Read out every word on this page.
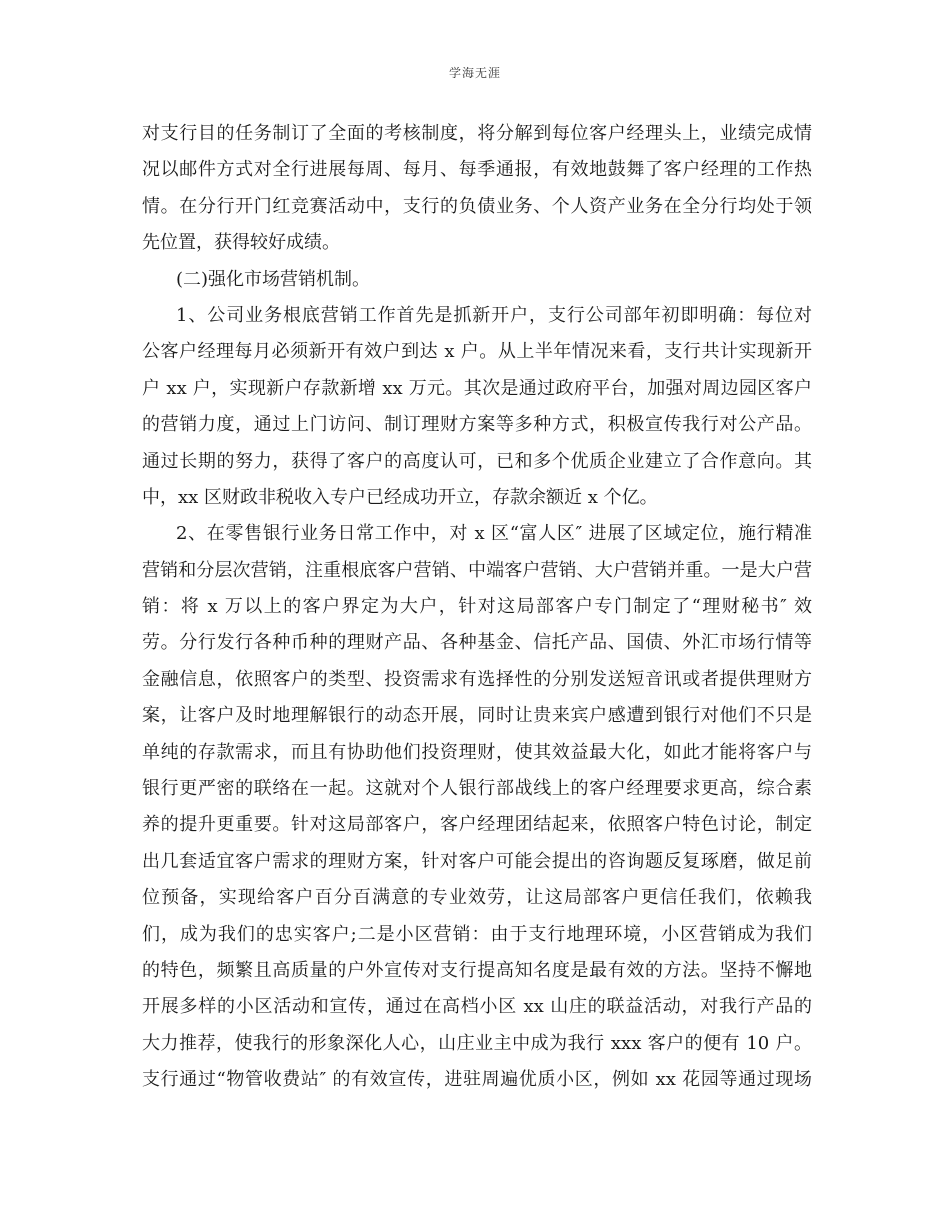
学海无涯
对支行目的任务制订了全面的考核制度，将分解到每位客户经理头上，业绩完成情
况以邮件方式对全行进展每周、每月、每季通报，有效地鼓舞了客户经理的工作热
情。在分行开门红竞赛活动中，支行的负债业务、个人资产业务在全分行均处于领
先位置，获得较好成绩。
(二)强化市场营销机制。
1、公司业务根底营销工作首先是抓新开户，支行公司部年初即明确：每位对
公客户经理每月必须新开有效户到达 x 户。从上半年情况来看，支行共计实现新开
户 xx 户，实现新户存款新增 xx 万元。其次是通过政府平台，加强对周边园区客户
的营销力度，通过上门访问、制订理财方案等多种方式，积极宣传我行对公产品。
通过长期的努力，获得了客户的高度认可，已和多个优质企业建立了合作意向。其
中，xx 区财政非税收入专户已经成功开立，存款余额近 x 个亿。
2、在零售银行业务日常工作中，对 x 区“富人区″ 进展了区域定位，施行精准
营销和分层次营销，注重根底客户营销、中端客户营销、大户营销并重。一是大户营
销：将 x 万以上的客户界定为大户，针对这局部客户专门制定了“理财秘书″ 效
劳。分行发行各种币种的理财产品、各种基金、信托产品、国债、外汇市场行情等
金融信息，依照客户的类型、投资需求有选择性的分别发送短音讯或者提供理财方
案，让客户及时地理解银行的动态开展，同时让贵来宾户感遭到银行对他们不只是
单纯的存款需求，而且有协助他们投资理财，使其效益最大化，如此才能将客户与
银行更严密的联络在一起。这就对个人银行部战线上的客户经理要求更高，综合素
养的提升更重要。针对这局部客户，客户经理团结起来，依照客户特色讨论，制定
出几套适宜客户需求的理财方案，针对客户可能会提出的咨询题反复琢磨，做足前
位预备，实现给客户百分百满意的专业效劳，让这局部客户更信任我们，依赖我
们，成为我们的忠实客户;二是小区营销：由于支行地理环境，小区营销成为我们
的特色，频繁且高质量的户外宣传对支行提高知名度是最有效的方法。坚持不懈地
开展多样的小区活动和宣传，通过在高档小区 xx 山庄的联益活动，对我行产品的
大力推荐，使我行的形象深化人心，山庄业主中成为我行 xxx 客户的便有 10 户。
支行通过“物管收费站″ 的有效宣传，进驻周遍优质小区，例如 xx 花园等通过现场
